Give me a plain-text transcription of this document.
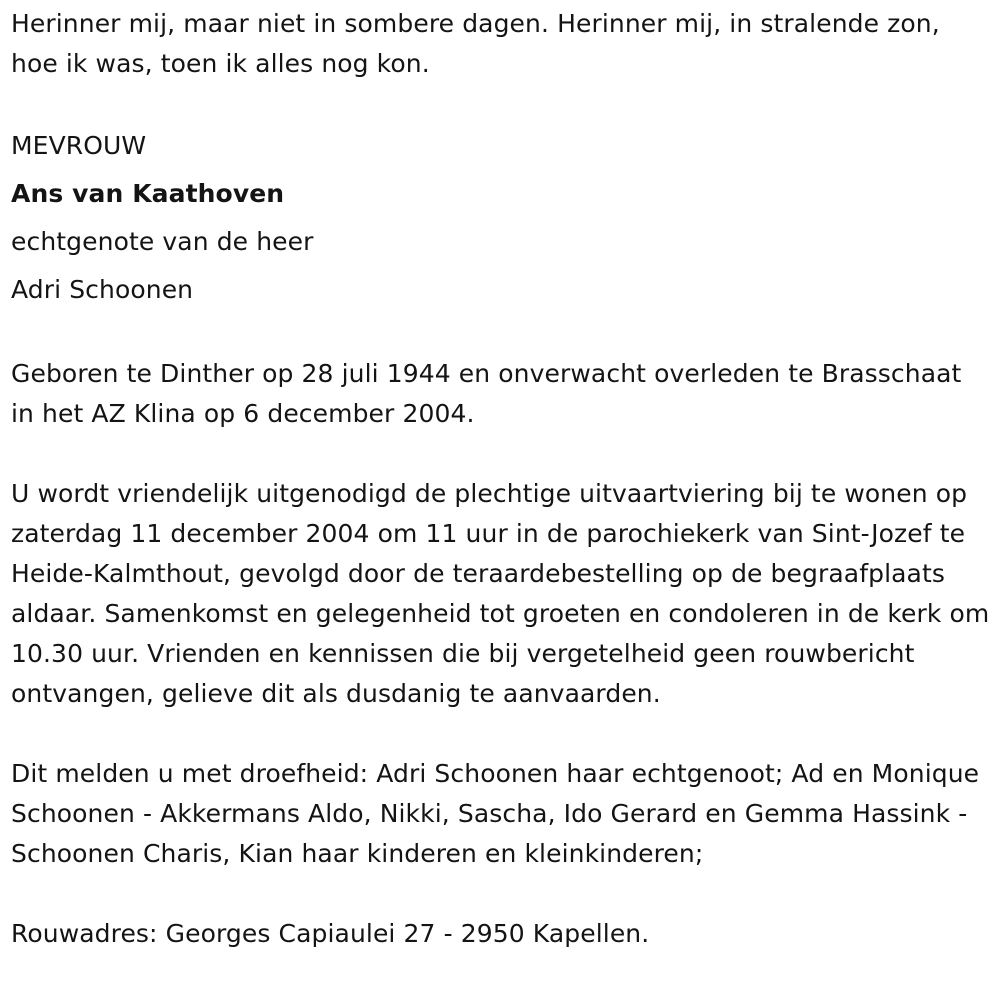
Herinner mij, maar niet in sombere dagen. Herinner mij, in stralende zon, hoe ik was, toen ik alles nog kon.

MEVROUW

Ans van Kaathoven

echtgenote van de heer

Adri Schoonen

Geboren te Dinther op 28 juli 1944 en onverwacht overleden te Brasschaat in het AZ Klina op 6 december 2004.

U wordt vriendelijk uitgenodigd de plechtige uitvaartviering bij te wonen op zaterdag 11 december 2004 om 11 uur in de parochiekerk van Sint-Jozef te Heide-Kalmthout, gevolgd door de teraardebestelling op de begraafplaats aldaar. Samenkomst en gelegenheid tot groeten en condoleren in de kerk om 10.30 uur. Vrienden en kennissen die bij vergetelheid geen rouwbericht ontvangen, gelieve dit als dusdanig te aanvaarden.

Dit melden u met droefheid: Adri Schoonen haar echtgenoot; Ad en Monique Schoonen - Akkermans Aldo, Nikki, Sascha, Ido Gerard en Gemma Hassink - Schoonen Charis, Kian haar kinderen en kleinkinderen;

Rouwadres: Georges Capiaulei 27 - 2950 Kapellen.
